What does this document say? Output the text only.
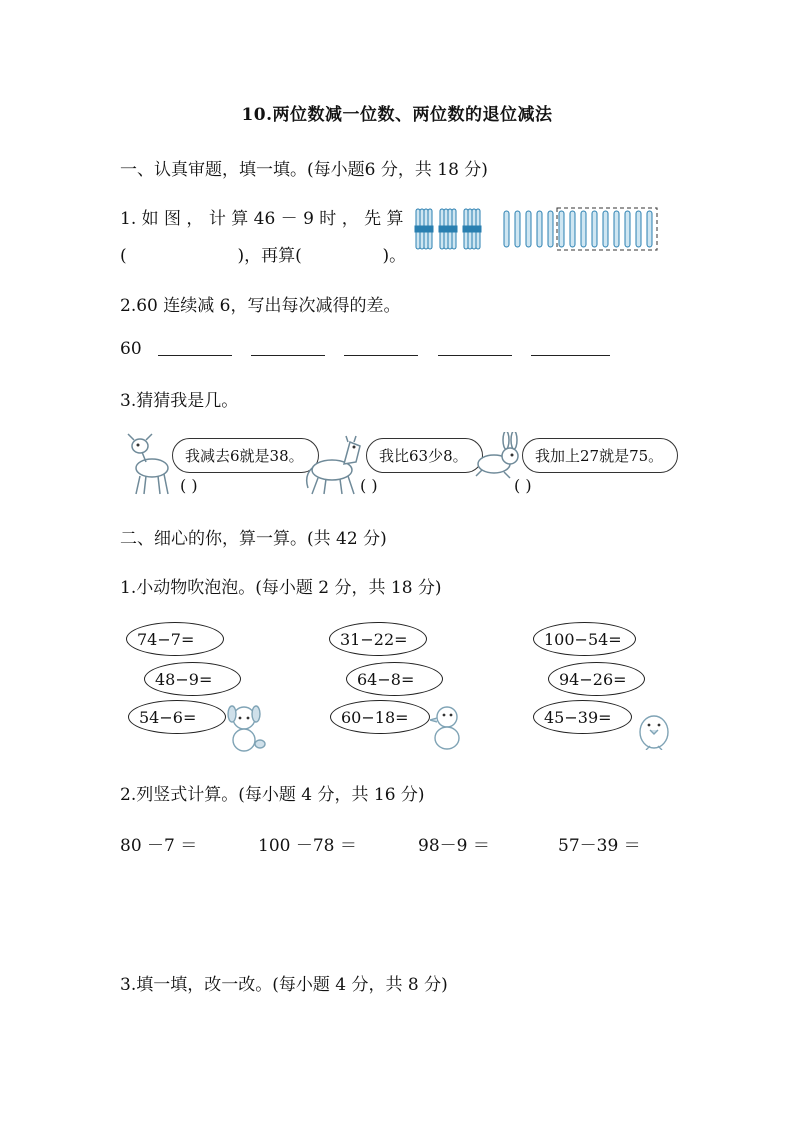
10.两位数减一位数、两位数的退位减法
一、认真审题，填一填。(每小题6 分，共 18 分)
1. 如 图 ， 计 算 46 － 9 时 ， 先 算
(	)，再算(	)。
2.60 连续减 6，写出每次减得的差。
60
3.猜猜我是几。
我减去6就是38。
( )
我比63少8。
( )
我加上27就是75。
( )
二、细心的你，算一算。(共 42 分)
1.小动物吹泡泡。(每小题 2 分，共 18 分)
74−7=
48−9=
54−6=
31−22=
64−8=
60−18=
100−54=
94−26=
45−39=
2.列竖式计算。(每小题 4 分，共 16 分)
80 －7 ＝	100 －78 ＝	98－9 ＝	57－39 ＝
3.填一填，改一改。(每小题 4 分，共 8 分)
